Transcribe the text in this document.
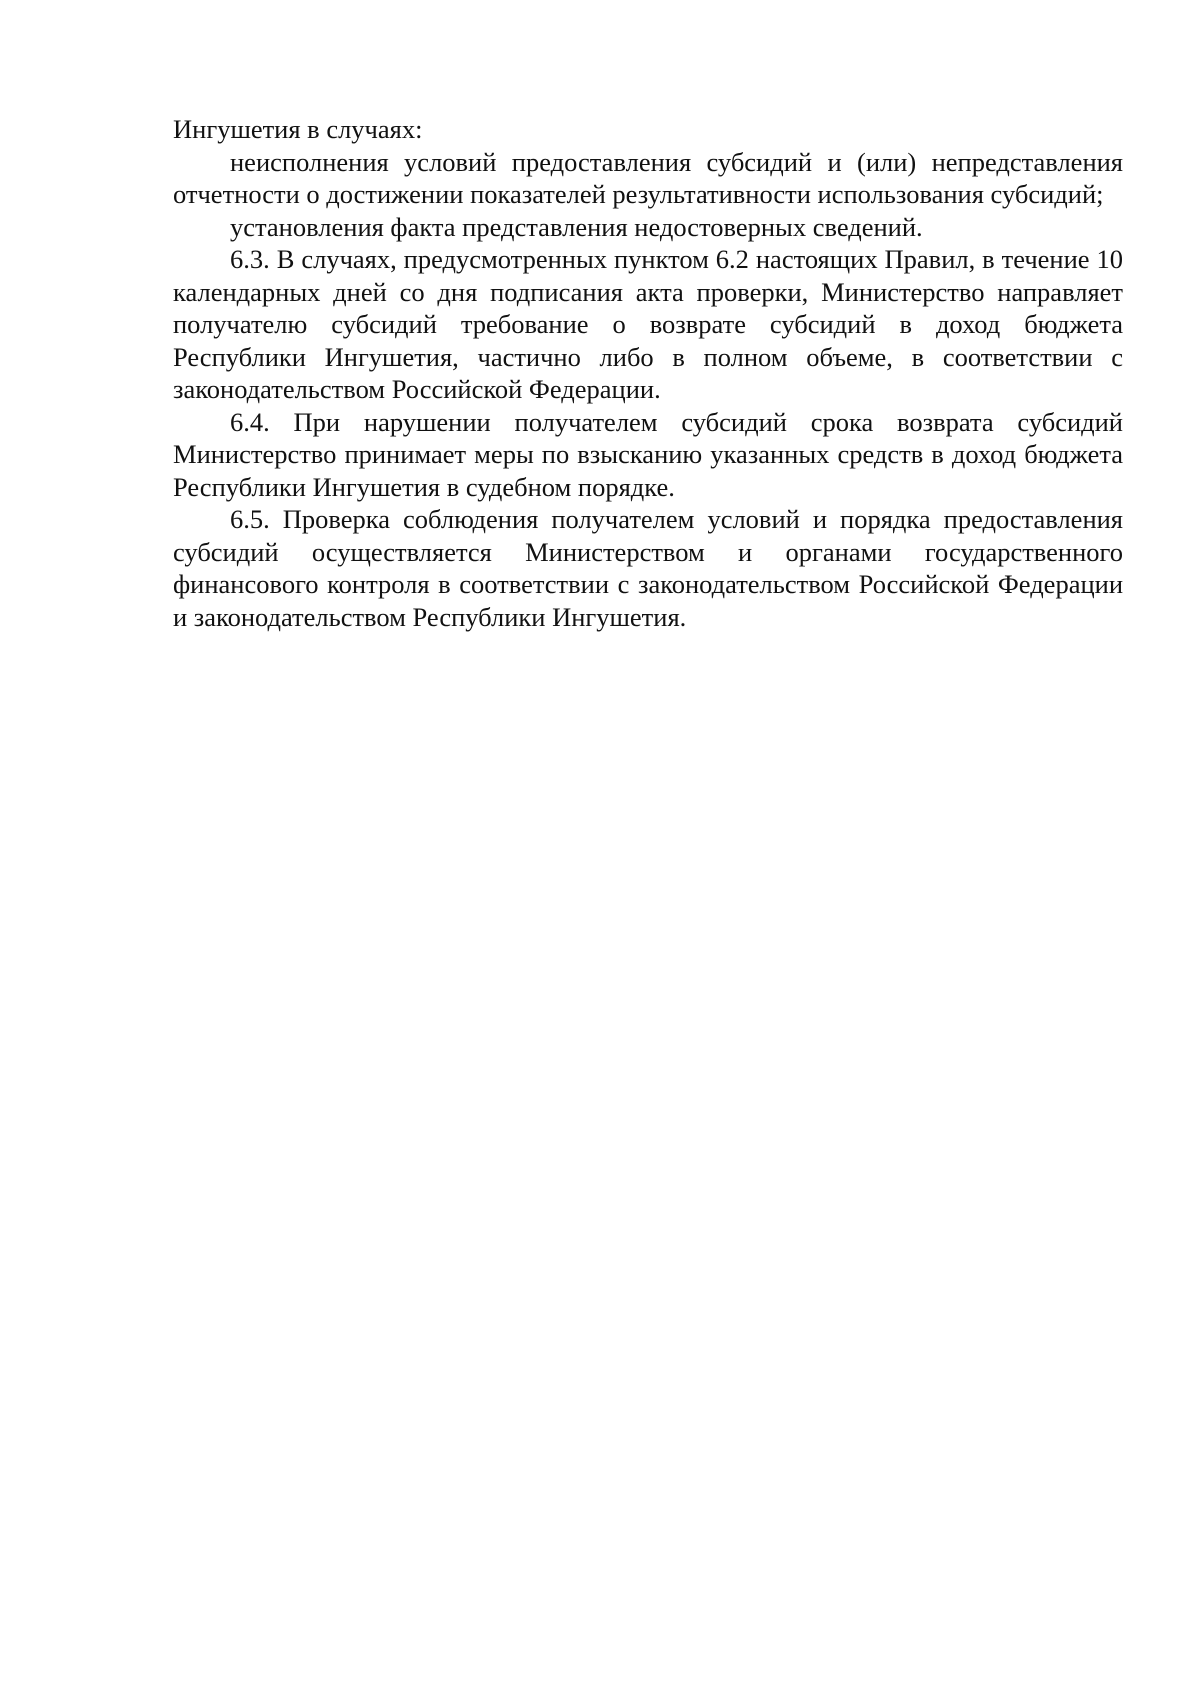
Ингушетия в случаях:

неисполнения условий предоставления субсидий и (или) непредставления отчетности о достижении показателей результативности использования субсидий;

установления факта представления недостоверных сведений.

6.3. В случаях, предусмотренных пунктом 6.2 настоящих Правил, в течение 10 календарных дней со дня подписания акта проверки, Министерство направляет получателю субсидий требование о возврате субсидий в доход бюджета Республики Ингушетия, частично либо в полном объеме, в соответствии с законодательством Российской Федерации.

6.4. При нарушении получателем субсидий срока возврата субсидий Министерство принимает меры по взысканию указанных средств в доход бюджета Республики Ингушетия в судебном порядке.

6.5. Проверка соблюдения получателем условий и порядка предоставления субсидий осуществляется Министерством и органами государственного финансового контроля в соответствии с законодательством Российской Федерации и законодательством Республики Ингушетия.
